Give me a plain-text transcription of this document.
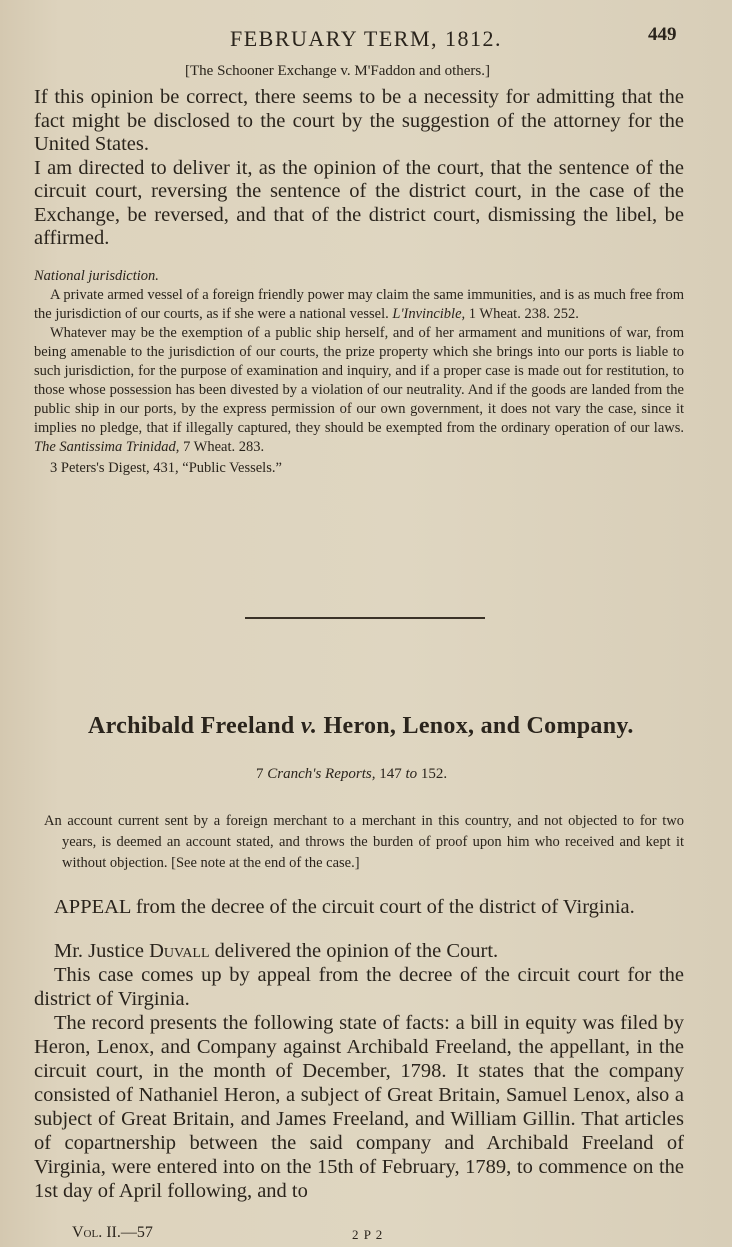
FEBRUARY TERM, 1812.	449
[The Schooner Exchange v. M'Faddon and others.]

If this opinion be correct, there seems to be a necessity for admitting that the fact might be disclosed to the court by the suggestion of the attorney for the United States.

I am directed to deliver it, as the opinion of the court, that the sentence of the circuit court, reversing the sentence of the district court, in the case of the Exchange, be reversed, and that of the district court, dismissing the libel, be affirmed.

National jurisdiction.

A private armed vessel of a foreign friendly power may claim the same immunities, and is as much free from the jurisdiction of our courts, as if she were a national vessel. L'Invincible, 1 Wheat. 238. 252.

Whatever may be the exemption of a public ship herself, and of her armament and munitions of war, from being amenable to the jurisdiction of our courts, the prize property which she brings into our ports is liable to such jurisdiction, for the purpose of examination and inquiry, and if a proper case is made out for restitution, to those whose possession has been divested by a violation of our neutrality. And if the goods are landed from the public ship in our ports, by the express permission of our own government, it does not vary the case, since it implies no pledge, that if illegally captured, they should be exempted from the ordinary operation of our laws. The Santissima Trinidad, 7 Wheat. 283.

3 Peters's Digest, 431, “Public Vessels.”

Archibald Freeland v. Heron, Lenox, and Company.
7 Cranch's Reports, 147 to 152.

An account current sent by a foreign merchant to a merchant in this country, and not objected to for two years, is deemed an account stated, and throws the burden of proof upon him who received and kept it without objection. [See note at the end of the case.]

APPEAL from the decree of the circuit court of the district of Virginia.

Mr. Justice Duvall delivered the opinion of the Court.

This case comes up by appeal from the decree of the circuit court for the district of Virginia.

The record presents the following state of facts: a bill in equity was filed by Heron, Lenox, and Company against Archibald Freeland, the appellant, in the circuit court, in the month of December, 1798. It states that the company consisted of Nathaniel Heron, a subject of Great Britain, Samuel Lenox, also a subject of Great Britain, and James Freeland, and William Gillin. That articles of copartnership between the said company and Archibald Freeland of Virginia, were entered into on the 15th of February, 1789, to commence on the 1st day of April following, and to

Vol. II.—57	2 P 2
